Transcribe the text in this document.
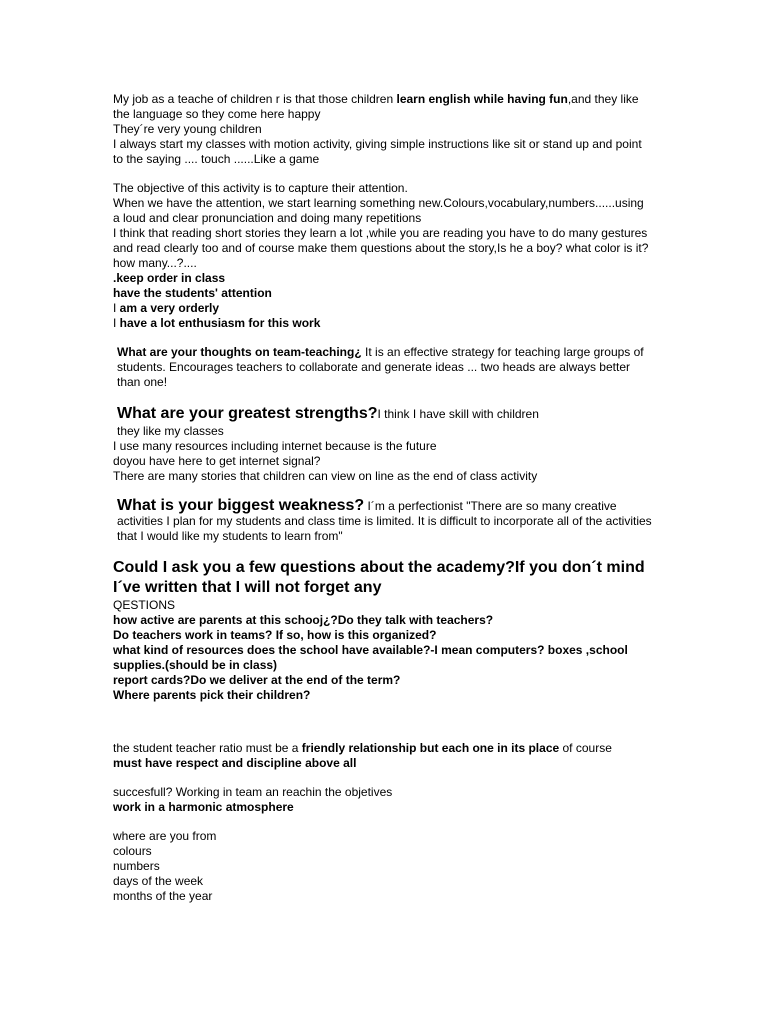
My job as a teache of children r is that those children learn english while having fun,and they like the language so they come here happy
They´re very young children
I always start my classes with motion activity, giving simple instructions like sit or stand up and point to the saying .... touch ......Like a game
The objective of this activity is to capture their attention.
When we have the attention, we start learning something new.Colours,vocabulary,numbers......using a loud and clear pronunciation and doing many repetitions
I think that reading short stories they learn a lot ,while you are reading you have to do many gestures and read clearly too and of course make them questions about the story,Is he a boy? what color is it? how many...?....
.keep order in class
have the students' attention
I am a very orderly
I have a lot enthusiasm for this work
What are your thoughts on team-teaching¿ It is an effective strategy for teaching large groups of students. Encourages teachers to collaborate and generate ideas ... two heads are always better than one!
What are your greatest strengths?I think I have skill with children
they like my classes
I use many resources including internet because is the future
doyou have here to get internet signal?
There are many stories that children can view on line as the end of class activity
What is your biggest weakness? I´m a perfectionist "There are so many creative activities I plan for my students and class time is limited. It is difficult to incorporate all of the activities that I would like my students to learn from"
Could I ask you a few questions about the academy?If you don´t mind I´ve written that I will not forget any
QESTIONS
how active are parents at this schooj¿?Do they talk with teachers?
Do teachers work in teams? If so, how is this organized?
what kind of resources does the school have available?-I mean computers? boxes ,school supplies.(should be in class)
report cards?Do we deliver at the end of the term?
Where parents pick their children?
the student teacher ratio must be a friendly relationship but each one in its place of course
must have respect and discipline above all
succesfull? Working in team an reachin the objetives
work in a harmonic atmosphere
where are you from
colours
numbers
days of the week
months of the year
